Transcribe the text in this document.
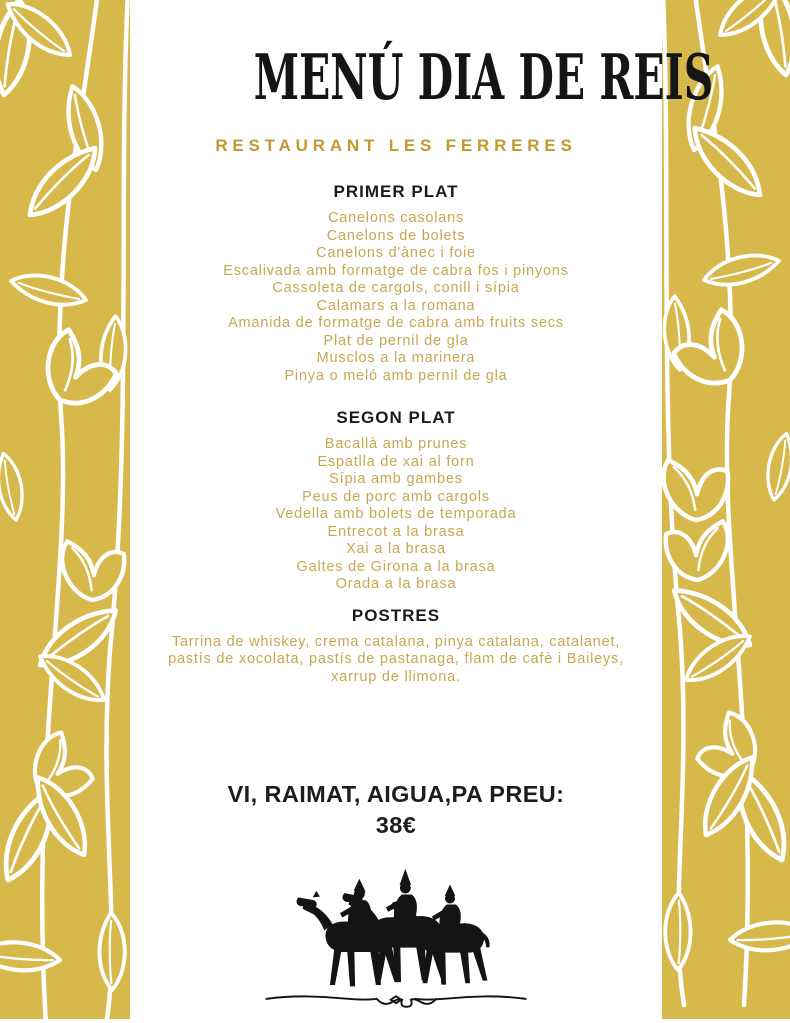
MENÚ DIA DE REIS
RESTAURANT LES FERRERES
PRIMER PLAT
Canelons casolans
Canelons de bolets
Canelons d'ànec i foie
Escalivada amb formatge de cabra fos i pinyons
Cassoleta de cargols, conill i sípia
Calamars a la romana
Amanida de formatge de cabra amb fruits secs
Plat de pernil de gla
Musclos a la marinera
Pinya o meló amb pernil de gla
SEGON PLAT
Bacallà amb prunes
Espatlla de xai al forn
Sípia amb gambes
Peus de porc amb cargols
Vedella amb bolets de temporada
Entrecot a la brasa
Xai a la brasa
Galtes de Girona a la brasa
Orada a la brasa
POSTRES
Tarrina de whiskey, crema catalana, pinya catalana, catalanet, pastís de xocolata, pastís de pastanaga, flam de cafè i Baileys, xarrup de llimona.
VI, RAIMAT, AIGUA,PA PREU:
38€
